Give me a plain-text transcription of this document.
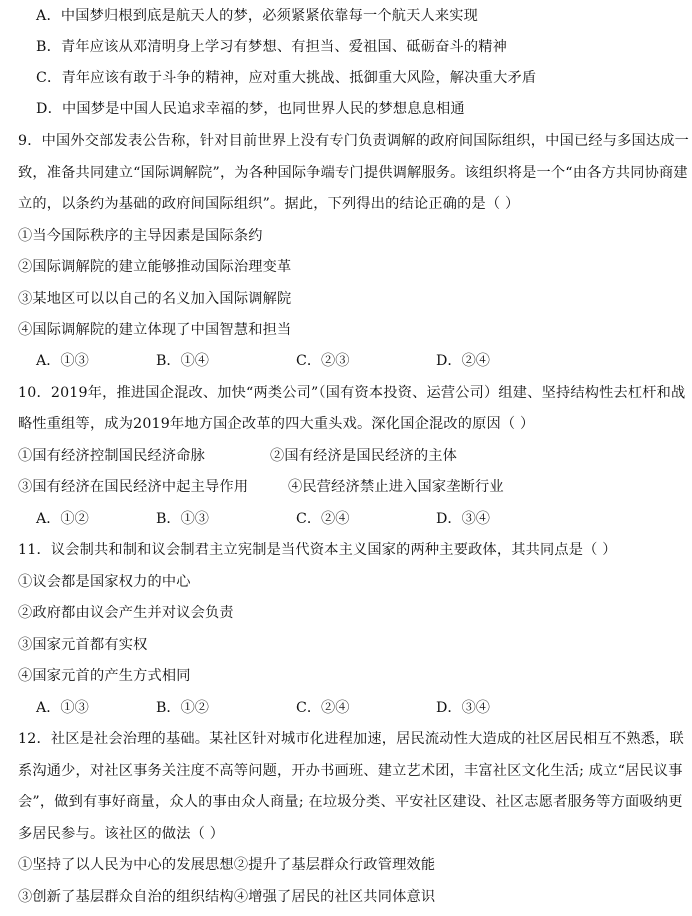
A．中国梦归根到底是航天人的梦，必须紧紧依靠每一个航天人来实现
B．青年应该从邓清明身上学习有梦想、有担当、爱祖国、砥砺奋斗的精神
C．青年应该有敢于斗争的精神，应对重大挑战、抵御重大风险，解决重大矛盾
D．中国梦是中国人民追求幸福的梦，也同世界人民的梦想息息相通
9．中国外交部发表公告称，针对目前世界上没有专门负责调解的政府间国际组织，中国已经与多国达成一
致，准备共同建立“国际调解院”，为各种国际争端专门提供调解服务。该组织将是一个“由各方共同协商建
立的，以条约为基础的政府间国际组织”。据此，下列得出的结论正确的是（ ）
①当今国际秩序的主导因素是国际条约
②国际调解院的建立能够推动国际治理变革
③某地区可以以自己的名义加入国际调解院
④国际调解院的建立体现了中国智慧和担当
A．①③	B．①④	C．②③	D．②④
10．2019年，推进国企混改、加快“两类公司”（国有资本投资、运营公司）组建、坚持结构性去杠杆和战
略性重组等，成为2019年地方国企改革的四大重头戏。深化国企混改的原因（ ）
①国有经济控制国民经济命脉	②国有经济是国民经济的主体
③国有经济在国民经济中起主导作用	④民营经济禁止进入国家垄断行业
A．①②	B．①③	C．②④	D．③④
11．议会制共和制和议会制君主立宪制是当代资本主义国家的两种主要政体，其共同点是（ ）
①议会都是国家权力的中心
②政府都由议会产生并对议会负责
③国家元首都有实权
④国家元首的产生方式相同
A．①③	B．①②	C．②④	D．③④
12．社区是社会治理的基础。某社区针对城市化进程加速，居民流动性大造成的社区居民相互不熟悉，联
系沟通少，对社区事务关注度不高等问题，开办书画班、建立艺术团，丰富社区文化生活; 成立“居民议事
会”，做到有事好商量，众人的事由众人商量; 在垃圾分类、平安社区建设、社区志愿者服务等方面吸纳更
多居民参与。该社区的做法（ ）
①坚持了以人民为中心的发展思想②提升了基层群众行政管理效能
③创新了基层群众自治的组织结构④增强了居民的社区共同体意识
